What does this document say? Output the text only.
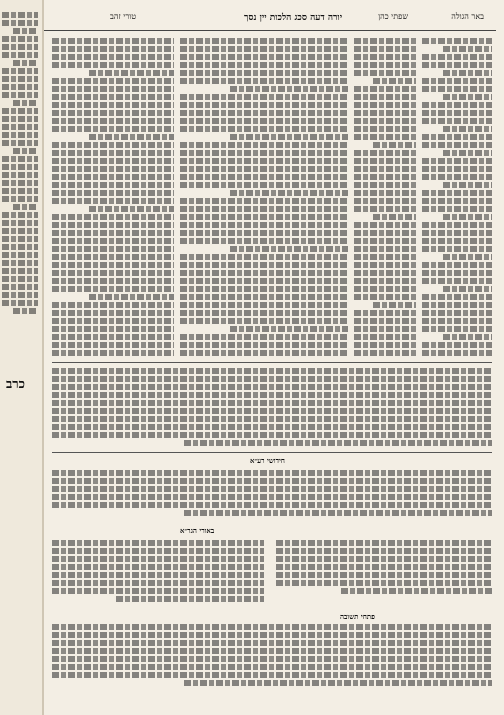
כרב
באר הגולה
שפתי כהן
יורה דעה סכג הלכות יין נסך
טורי זהב
חידושי רע״א
באורי הגר״א
פתחי תשובה
